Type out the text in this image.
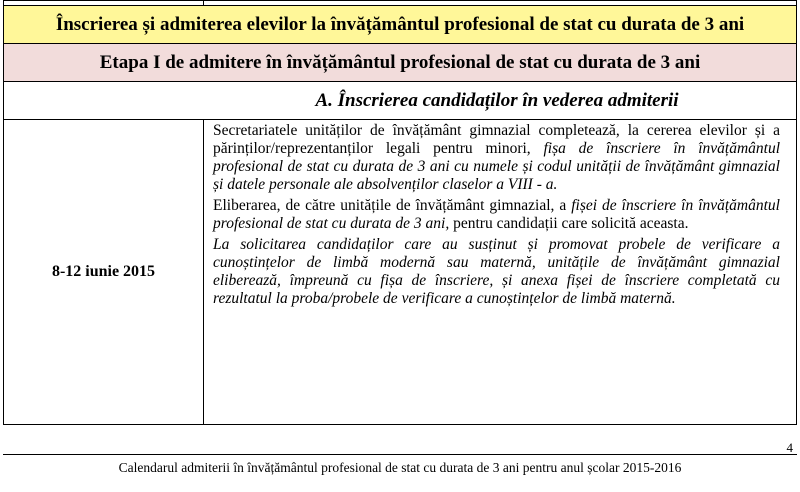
Înscrierea și admiterea elevilor la învățământul profesional de stat cu durata de 3 ani	
Etapa I de admitere în învățământul profesional de stat cu durata de 3 ani	
A. Înscrierea candidaților în vederea admiterii	
8-12 iunie 2015	Secretariatele unităților de învățământ gimnazial completează, la cererea elevilor și a părinților/reprezentanților legali pentru minori, fișa de înscriere în învățământul profesional de stat cu durata de 3 ani cu numele și codul unității de învățământ gimnazial și datele personale ale absolvenților claselor a VIII - a.

Eliberarea, de către unitățile de învățământ gimnazial, a fișei de înscriere în învățământul profesional de stat cu durata de 3 ani, pentru candidații care solicită aceasta.

La solicitarea candidaților care au susținut și promovat probele de verificare a cunoștințelor de limbă modernă sau maternă, unitățile de învățământ gimnazial eliberează, împreună cu fișa de înscriere, și anexa fișei de înscriere completată cu rezultatul la proba/probele de verificare a cunoștințelor de limbă maternă.

4
Calendarul admiterii în învățământul profesional de stat cu durata de 3 ani pentru anul școlar 2015-2016
